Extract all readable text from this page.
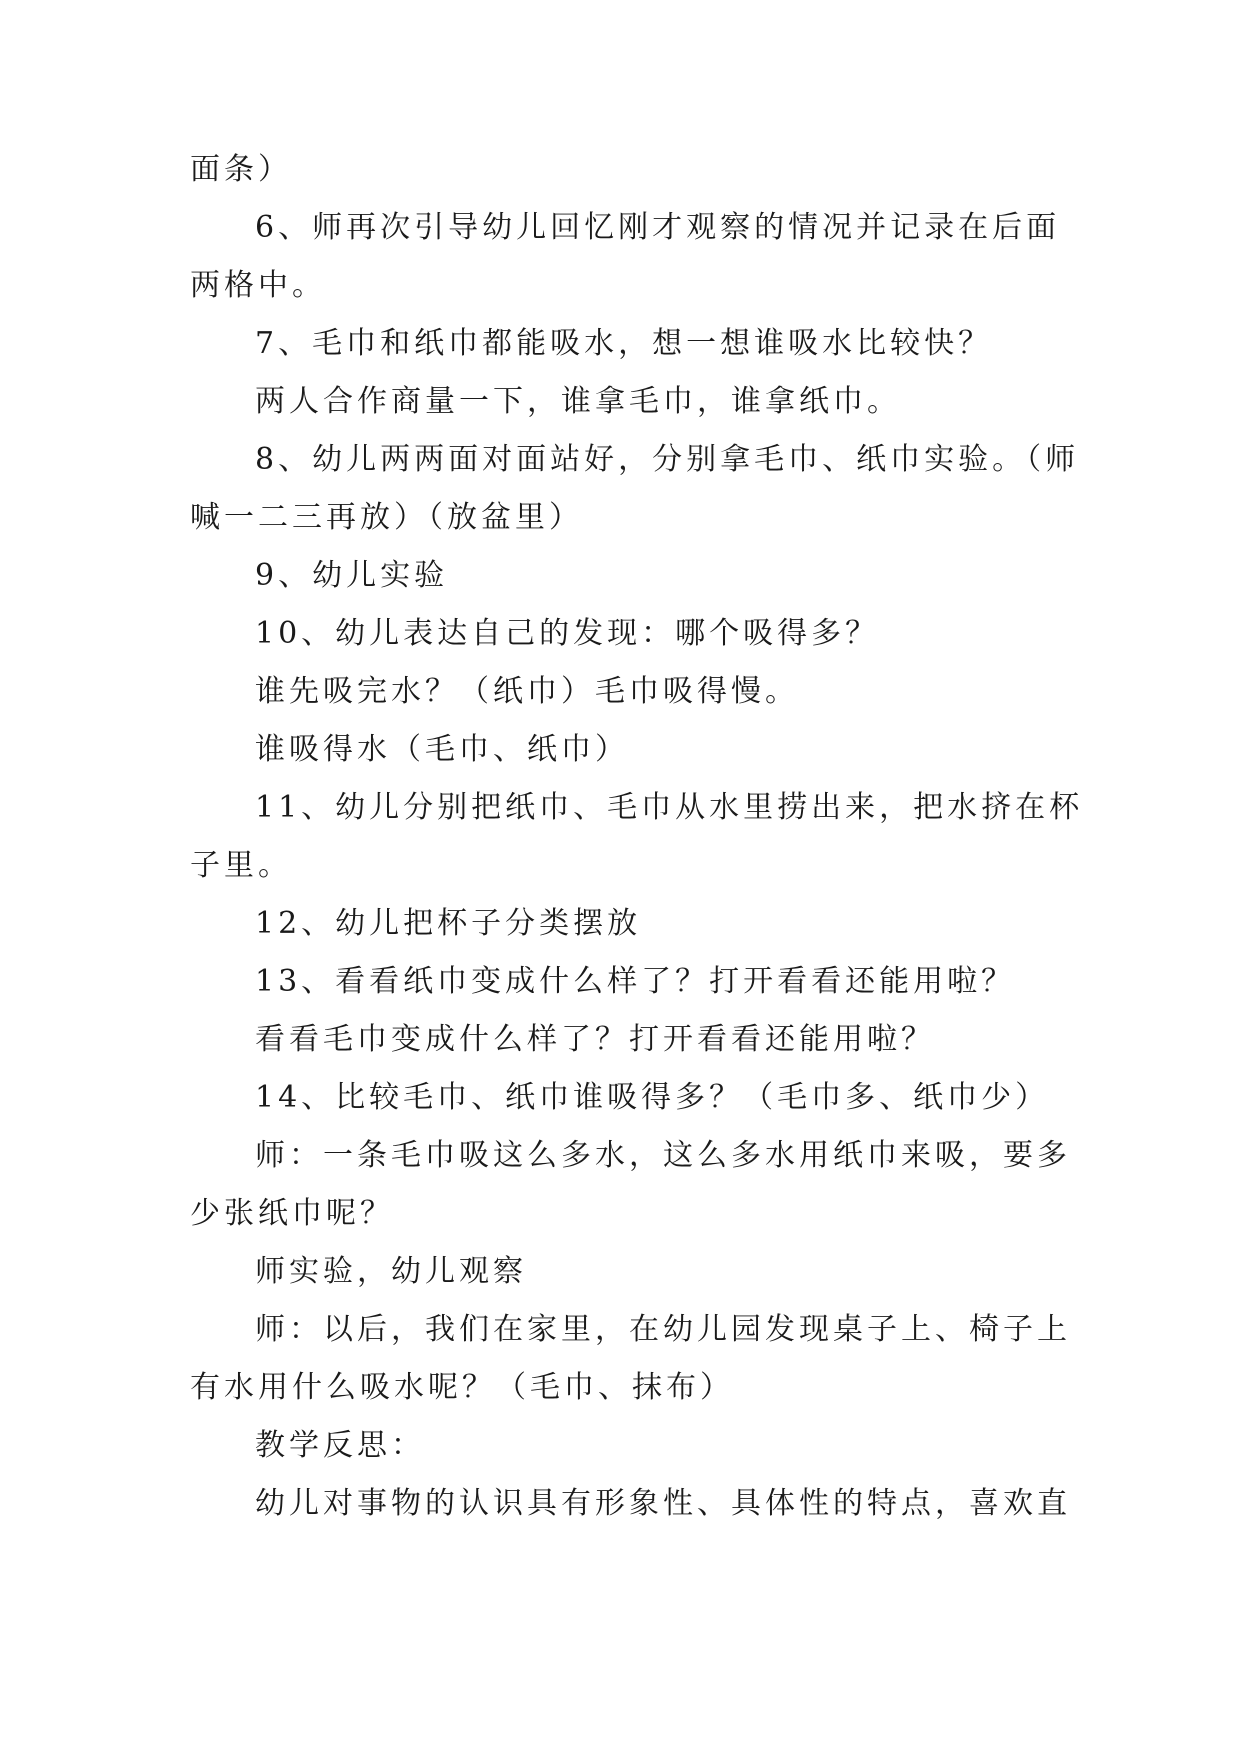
面条）
6、师再次引导幼儿回忆刚才观察的情况并记录在后面
两格中。
7、毛巾和纸巾都能吸水，想一想谁吸水比较快？
两人合作商量一下，谁拿毛巾，谁拿纸巾。
8、幼儿两两面对面站好，分别拿毛巾、纸巾实验。（师
喊一二三再放）（放盆里）
9、幼儿实验
10、幼儿表达自己的发现：哪个吸得多？
谁先吸完水？（纸巾）毛巾吸得慢。
谁吸得水（毛巾、纸巾）
11、幼儿分别把纸巾、毛巾从水里捞出来，把水挤在杯
子里。
12、幼儿把杯子分类摆放
13、看看纸巾变成什么样了？打开看看还能用啦？
看看毛巾变成什么样了？打开看看还能用啦？
14、比较毛巾、纸巾谁吸得多？（毛巾多、纸巾少）
师：一条毛巾吸这么多水，这么多水用纸巾来吸，要多
少张纸巾呢？
师实验，幼儿观察
师：以后，我们在家里，在幼儿园发现桌子上、椅子上
有水用什么吸水呢？（毛巾、抹布）
教学反思：
幼儿对事物的认识具有形象性、具体性的特点，喜欢直
